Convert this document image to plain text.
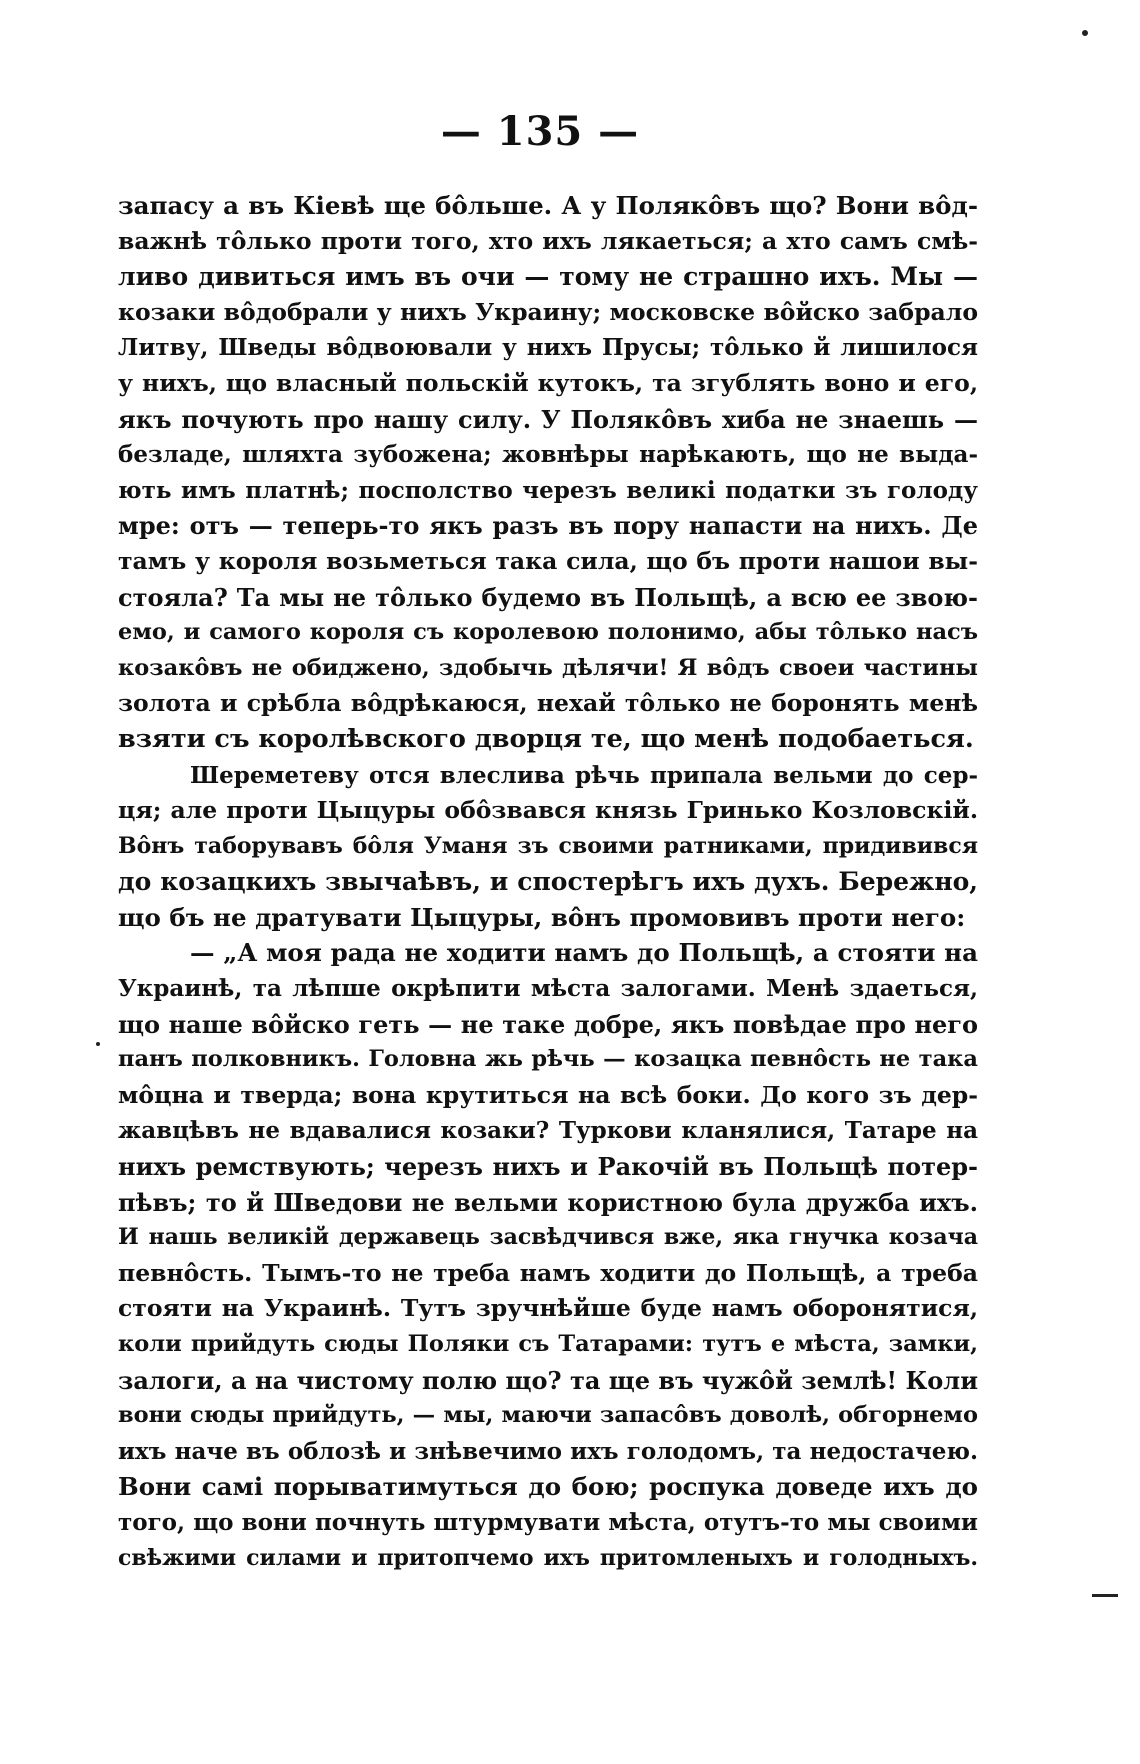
— 135 —
запасу а въ Кіевѣ ще бôльше. А у Полякôвъ що? Вони вôд-
важнѣ тôлько проти того, хто ихъ лякаеться; а хто самъ смѣ-
ливо дивиться имъ въ очи — тому не страшно ихъ. Мы —
козаки вôдобрали у нихъ Украину; московске вôйско забрало
Литву, Шведы вôдвоювали у нихъ Прусы; тôлько й лишилося
у нихъ, що власный польскій кутокъ, та згублять воно и его,
якъ почують про нашу силу. У Полякôвъ хиба не знаешь —
безладе, шляхта зубожена; жовнѣры нарѣкають, що не выда-
ють имъ платнѣ; посполство черезъ великі податки зъ голоду
мре: отъ — теперь-то якъ разъ въ пору напасти на нихъ. Де
тамъ у короля возьметься така сила, що бъ проти нашои вы-
стояла? Та мы не тôлько будемо въ Польщѣ, а всю ее звою-
емо, и самого короля съ королевою полонимо, абы тôлько насъ
козакôвъ не обиджено, здобычь дѣлячи! Я вôдъ своеи частины
золота и срѣбла вôдрѣкаюся, нехай тôлько не боронять менѣ
взяти съ королѣвского дворця те, що менѣ подобаеться.
Шереметеву отся влеслива рѣчь припала вельми до сер-
ця; але проти Цыцуры обôзвався князь Гринько Козловскій.
Вôнъ таборувавъ бôля Уманя зъ своими ратниками, придивився
до козацкихъ звычаѣвъ, и спостерѣгъ ихъ духъ. Бережно,
що бъ не дратувати Цыцуры, вôнъ промовивъ проти него:
— „А моя рада не ходити намъ до Польщѣ, а стояти на
Украинѣ, та лѣпше окрѣпити мѣста залогами. Менѣ здаеться,
що наше вôйско геть — не таке добре, якъ повѣдае про него
панъ полковникъ. Головна жь рѣчь — козацка певнôсть не така
мôцна и тверда; вона крутиться на всѣ боки. До кого зъ дер-
жавцѣвъ не вдавалися козаки? Туркови кланялися, Татаре на
нихъ ремствують; черезъ нихъ и Ракочій въ Польщѣ потер-
пѣвъ; то й Шведови не вельми користною була дружба ихъ.
И нашь великій державець засвѣдчився вже, яка гнучка козача
певнôсть. Тымъ-то не треба намъ ходити до Польщѣ, а треба
стояти на Украинѣ. Тутъ зручнѣйше буде намъ оборонятися,
коли прийдуть сюды Поляки съ Татарами: тутъ е мѣста, замки,
залоги, а на чистому полю що? та ще въ чужôй землѣ! Коли
вони сюды прийдуть, — мы, маючи запасôвъ доволѣ, обгорнемо
ихъ наче въ облозѣ и знѣвечимо ихъ голодомъ, та недостачею.
Вони самі порыватимуться до бою; роспука доведе ихъ до
того, що вони почнуть штурмувати мѣста, отутъ-то мы своими
свѣжими силами и притопчемо ихъ притомленыхъ и голодныхъ.
